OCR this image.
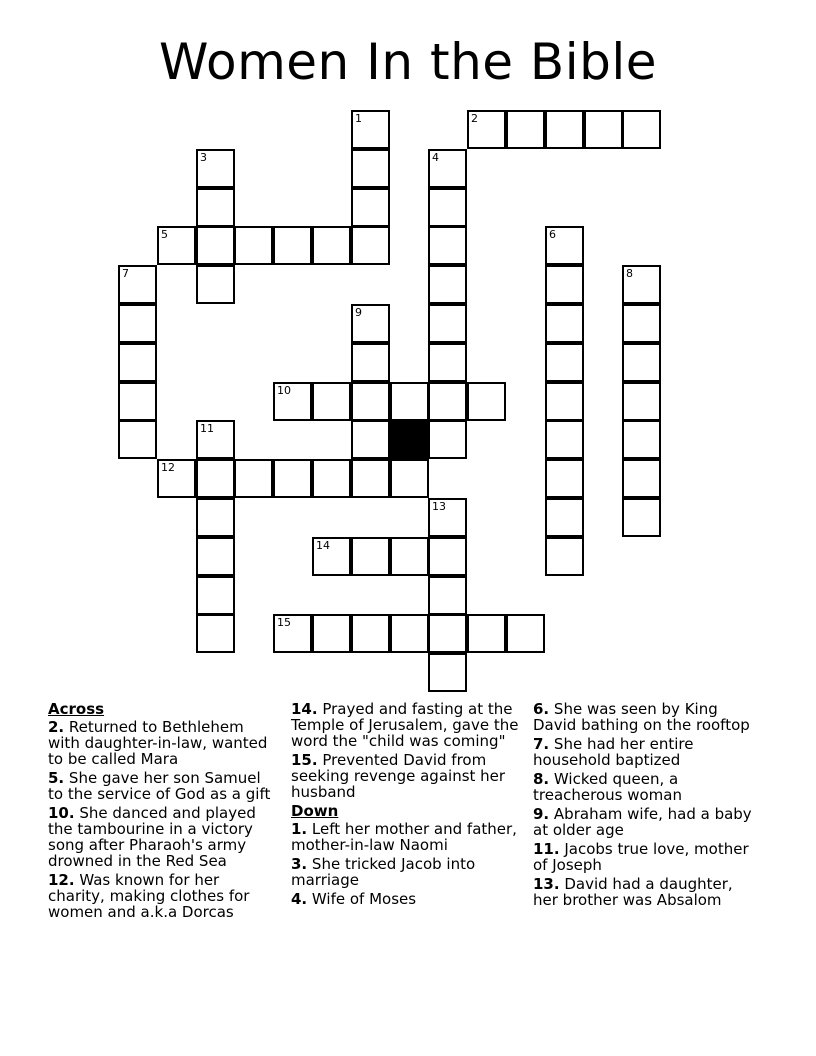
Women In the Bible
1	2
3	4
5	6
7	8
9
10
11
12
13
14
15
Across
2. Returned to Bethlehem with daughter-in-law, wanted to be called Mara
5. She gave her son Samuel to the service of God as a gift
10. She danced and played the tambourine in a victory song after Pharaoh's army drowned in the Red Sea
12. Was known for her charity, making clothes for women and a.k.a Dorcas
14. Prayed and fasting at the Temple of Jerusalem, gave the word the "child was coming"
15. Prevented David from seeking revenge against her husband
Down
1. Left her mother and father, mother-in-law Naomi
3. She tricked Jacob into marriage
4. Wife of Moses
6. She was seen by King David bathing on the rooftop
7. She had her entire household baptized
8. Wicked queen, a treacherous woman
9. Abraham wife, had a baby at older age
11. Jacobs true love, mother of Joseph
13. David had a daughter, her brother was Absalom
